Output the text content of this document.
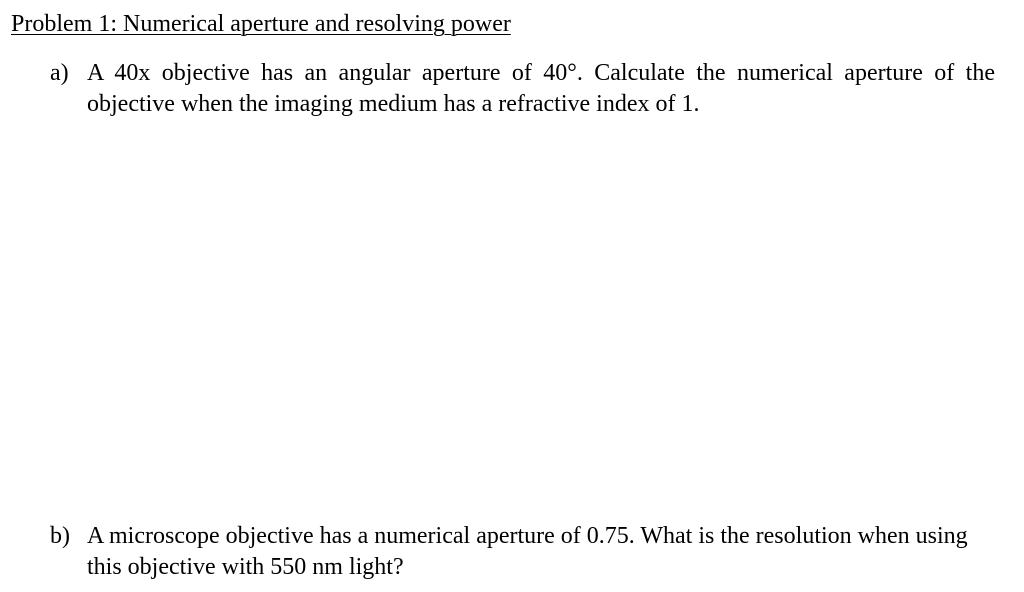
Problem 1: Numerical aperture and resolving power
a) A 40x objective has an angular aperture of 40°. Calculate the numerical aperture of the objective when the imaging medium has a refractive index of 1.
b) A microscope objective has a numerical aperture of 0.75. What is the resolution when using this objective with 550 nm light?
